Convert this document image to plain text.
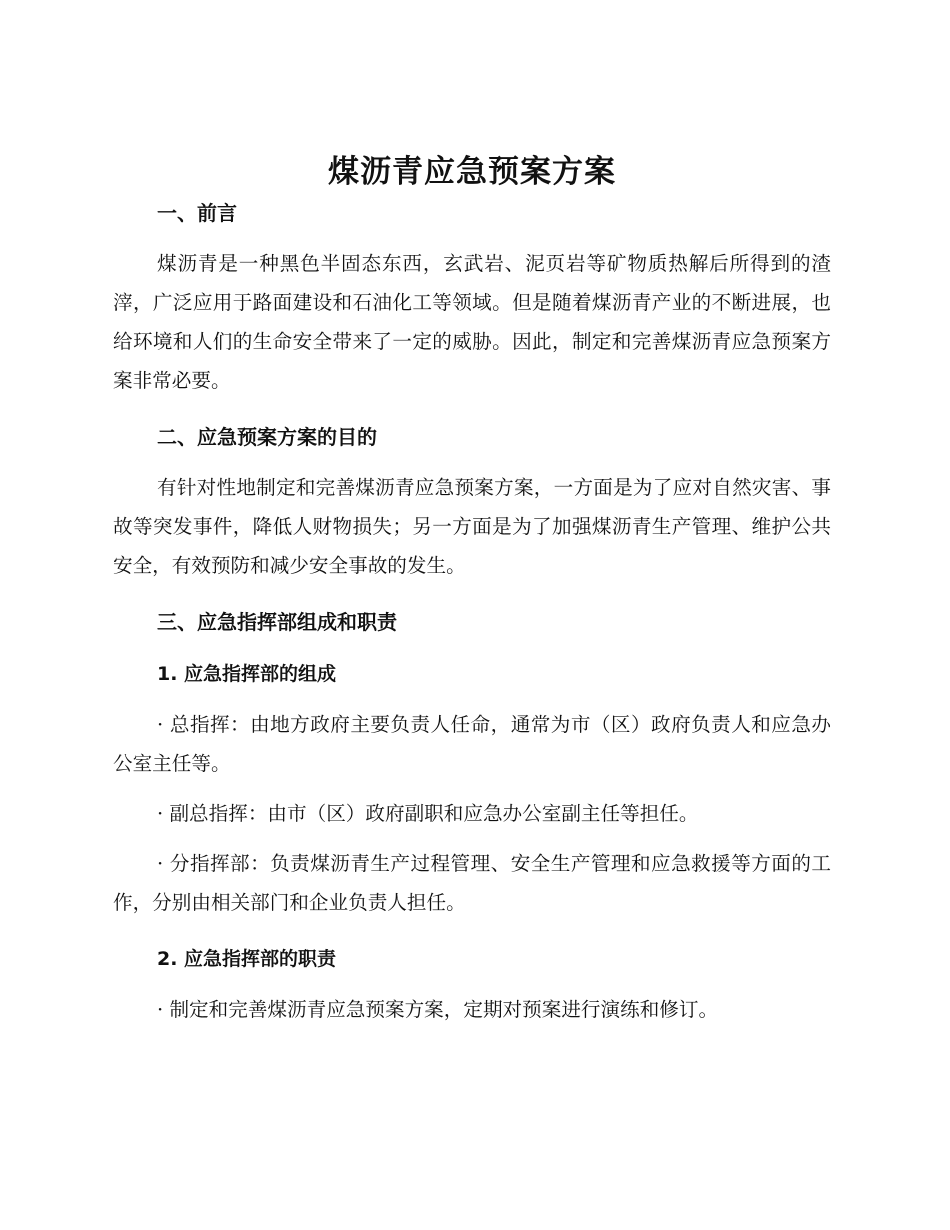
煤沥青应急预案方案
一、前言

煤沥青是一种黑色半固态东西，玄武岩、泥页岩等矿物质热解后所得到的渣滓，广泛应用于路面建设和石油化工等领域。但是随着煤沥青产业的不断进展，也给环境和人们的生命安全带来了一定的威胁。因此，制定和完善煤沥青应急预案方案非常必要。

二、应急预案方案的目的

有针对性地制定和完善煤沥青应急预案方案，一方面是为了应对自然灾害、事故等突发事件，降低人财物损失；另一方面是为了加强煤沥青生产管理、维护公共安全，有效预防和减少安全事故的发生。

三、应急指挥部组成和职责
1. 应急指挥部的组成

· 总指挥：由地方政府主要负责人任命，通常为市（区）政府负责人和应急办公室主任等。

· 副总指挥：由市（区）政府副职和应急办公室副主任等担任。

· 分指挥部：负责煤沥青生产过程管理、安全生产管理和应急救援等方面的工作，分别由相关部门和企业负责人担任。

2. 应急指挥部的职责

· 制定和完善煤沥青应急预案方案，定期对预案进行演练和修订。
